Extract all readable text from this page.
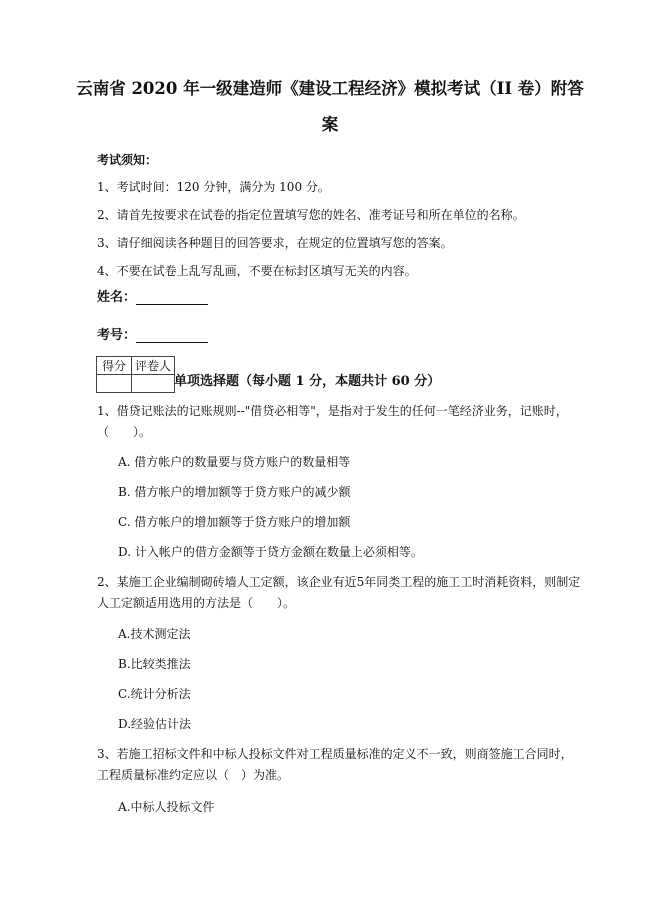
云南省 2020 年一级建造师《建设工程经济》模拟考试（II 卷）附答
案
考试须知：
1、考试时间：120 分钟，满分为 100 分。
2、请首先按要求在试卷的指定位置填写您的姓名、准考证号和所在单位的名称。
3、请仔细阅读各种题目的回答要求，在规定的位置填写您的答案。
4、不要在试卷上乱写乱画，不要在标封区填写无关的内容。
姓名：
考号：
得分	评卷人

单项选择题（每小题 1 分，本题共计 60 分）
1、借贷记账法的记账规则--"借贷必相等"，是指对于发生的任何一笔经济业务，记账时，
（　　）。
A. 借方帐户的数量要与贷方账户的数量相等
B. 借方帐户的增加额等于贷方账户的减少额
C. 借方帐户的增加额等于贷方账户的增加额
D. 计入帐户的借方金额等于贷方金额在数量上必须相等。
2、某施工企业编制砌砖墙人工定额，该企业有近5年同类工程的施工工时消耗资料，则制定
人工定额适用选用的方法是（　　）。
A.技术测定法
B.比较类推法
C.统计分析法
D.经验估计法
3、若施工招标文件和中标人投标文件对工程质量标准的定义不一致，则商签施工合同时，
工程质量标准约定应以（　）为准。
A.中标人投标文件
